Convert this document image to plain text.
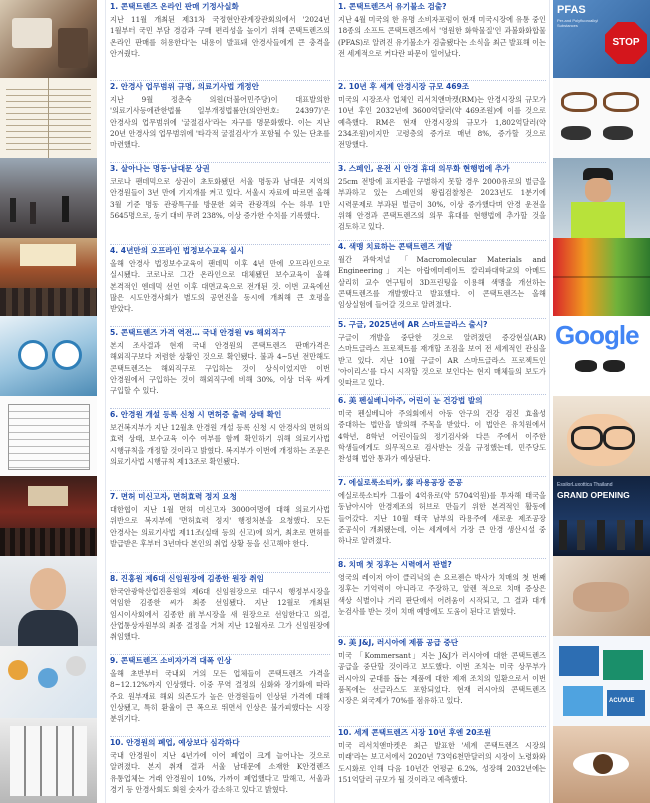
1. 콘택트렌즈 온라인 판매 기정사실화

지난 11월 개최된 제31차 국정현안관계장관회의에서 '2024년 1월부터 국민 부담 경감과 구매 편리성을 높이기 위해 콘택트렌즈의 온라인 판매를 허용한다'는 내용이 발표돼 안경사들에게 큰 충격을 안겨줬다.

2. 안경사 업무범위 규명, 의료기사법 개정안

지난 9월 정춘숙 의원(더불어민주당)이 대표발의한 '의료기사등에관한법률 일부개정법률안(의안번호: 24397)'은 안경사의 업무범위에 '굴절검사'라는 자구를 명문화했다. 이는 지난 20년 안경사의 업무범위에 '타각적 굴절검사'가 포함될 수 있는 단초를 마련했다.

3. 살아나는 명동·남대문 상권

코로나 팬데믹으로 상권이 초토화됐던 서울 명동과 남대문 지역의 안경원들이 3년 만에 기지개를 켜고 있다. 서울시 자료에 따르면 올해 3월 기준 명동 관광특구를 방문한 외국 관광객의 수는 하루 1만 5645명으로, 동기 대비 무려 238%, 이상 증가한 수치를 기록했다.

4. 4년만의 오프라인 법정보수교육 실시

올해 안경사 법정보수교육이 팬데믹 이후 4년 만에 오프라인으로 실시됐다. 코로나로 그간 온라인으로 대체됐던 보수교육이 올해 본격적인 엔데믹 선언 이후 대면교육으로 전개된 것. 이번 교육에선 많은 시도안경사회가 별도의 공연진을 동시에 개최해 큰 호평을 받았다.

5. 콘택트렌즈 가격 역전… 국내 안경원 vs 해외직구

본지 조사결과 현재 국내 안경원의 콘택트렌즈 판매가격은 해외직구보다 저렴한 상황인 것으로 확인됐다. 불과 4~5년 전만해도 콘택트렌즈는 해외직구로 구입하는 것이 상식이었지만 이번 안경원에서 구입하는 것이 해외직구에 비해 30%, 이상 더욱 싸게 구입할 수 있다.

6. 안경원 개설 등록 신청 시 면허증 출력 상태 확인

보건복지부가 지난 12월초 안경원 개설 등록 신청 시 안경사의 면허의 효력 상태, 보수교육 이수 여부를 함께 확인하기 위해 의료기사법 시행규칙을 개정할 것이라고 밝혔다. 복지부가 이번에 개정하는 조문은 의료기사법 시행규칙 제13조로 확인됐다.

7. 면허 미신고자, 면허효력 정지 요청

대한협이 지난 1월 면허 미신고자 3000여명에 대해 의료기사법 위반으로 복지부에 '면허효력 정지' 행정처분을 요청했다. 모든 안경사는 의료기사법 제11조(실태 등의 신고)에 의거, 최초로 면허를 발급받은 후부터 3년마다 본인의 취업 상황 등을 신고해야 한다.

8. 진홍원 제6대 신임원장에 김종한 원장 취임

한국안광학산업진흥원의 제6대 신임원장으로 대구시 행정부시장을 역임한 김종한 씨가 최종 선임됐다. 지난 12월로 개최된 임시이사회에서 김종한 前부시장을 새 원장으로 선임한다고 의결, 산업통상자원부의 최종 결정을 거쳐 지난 12월자로 그가 신임원장에 취임했다.

9. 콘택트렌즈 소비자가격 대폭 인상

올해 초반부터 국내외 거의 모든 업체들이 콘택트렌즈 가격을 8~12.12%까지 인상했다. 이중 무역 결정의 심화와 장기화에 따라 주요 원부재료 해외 의존도가 높은 안경원들이 인상된 가격에 대해 인상됐고, 특히 환율이 큰 폭으로 뛰면서 인상은 불가피했다는 시장 분위기다.

10. 안경원의 폐업, 예상보다 심각하다

국내 안경원이 지난 4년가에 이어 폐업이 크게 늘어나는 것으로 알려졌다. 본지 취재 결과 서울 남대문에 소재한 K안경렌즈 유통업체는 거래 안경원이 10%, 가까이 폐업했다고 말해고, 서울과 경기 등 안경사회도 회원 숫자가 감소하고 있다고 밝혔다.

1. 콘택트렌즈서 유기불소 검출?

지난 4월 미국의 한 유명 소비자포럼이 현재 미국시장에 유통 중인 18종의 소프트 콘택트렌즈에서 '영원한 화학물질'인 과불화화합물(PFAS)로 알려진 유기불소가 검출됐다는 소식을 최근 발표해 이는 전 세계적으로 커다란 파문이 일어났다.

2. 10년 후 세계 안경시장 규모 469조

미국의 시장조사 업체인 리서치앤마켓(RM)는 안경시장의 규모가 10년 후인 2032년에 3600억달러(약 469조원)에 이를 것으로 예측했다. RM은 현재 안경시장의 규모가 1,802억달러(약 234조원)이지만 고령층의 증가로 매년 8%, 증가할 것으로 전망했다.

3. 스페인, 운전 시 안경 휴대 의무화 현행법에 추가

25cm 전방에 표지판을 구별하지 못할 경우 2000유로의 벌금을 부과하고 있는 스페인의 왕립검찰청은 2023년도 1분기에 시력문제로 부과된 벌금이 30%, 이상 증가했다며 안경 운전을 위해 안경과 콘택트렌즈의 의무 휴대를 현행법에 추가할 것을 검토하고 있다.

4. 색맹 치료하는 콘택트렌즈 개발

월간 과학저널 「Macromolecular Materials and Engineering」지는 아랍에미레이트 칼리파대학교의 아메드 살리히 교수 연구팀이 3D프린팅을 이용해 색맹을 개선하는 콘택트렌즈를 개발했다고 발표했다. 이 콘택트렌즈는 올해 임상실험에 들어갈 것으로 알려졌다.

5. 구글, 2025년에 AR 스마트글라스 출시?

구글이 개발을 중단한 것으로 알려졌던 증강현실(AR) 스마트글라스 프로젝트를 재개할 조짐을 보여 전 세계적인 관심을 받고 있다. 지난 10월 구글이 AR 스마트글라스 프로젝트인 '아이리스'를 다시 시작할 것으로 보인다는 현지 매체들의 보도가 잇따르고 있다.

6. 美 펜실베니아주, 어린이 눈 건강법 발의

미국 펜실베니아 주의회에서 아동 안구의 건강 검진 효율성 증대하는 법안을 발의해 주목을 받았다. 이 법안은 유치원에서 4학년, 8학년 어린이들의 정기검사와 다른 주에서 이주한 학생들에게도 의무적으로 검사받는 것을 규정했는데, 민주당도 찬성해 법안 통과가 예상된다.

7. 에실로룩소티카, 泰 라용공장 준공

에실로룩소티카 그룹이 4억유로(약 5704억원)를 투자해 태국을 동남아시아 안경제조의 허브로 만들기 위한 본격적인 활동에 들어갔다. 지난 10월 태국 남부의 라용주에 새로운 제조공장 준공식이 개최됐는데, 이는 세계에서 가장 큰 안경 생산시설 중 하나로 알려졌다.

8. 치매 첫 징후는 시력에서 판별?

영국의 레이저 아이 클리닉의 숀 요르젠슨 박사가 치매의 첫 번째 징후는 기억력이 아니라고 주장하고, 알렌 적으로 치매 증상은 색상 식별이나 거리 판단에서 어려움이 시작되고, 그 결과 대개 눈검사를 받는 것이 치매 예방에도 도움이 된다고 밝혔다.

9. 美 J&J, 러시아에 제품 공급 중단

미국 「Kommersant」지는 J&J가 러시아에 대한 콘택트렌즈 공급을 중단할 것이라고 보도했다. 이번 조치는 미국 상무부가 러시아의 군대를 돕는 제품에 대한 제재 조치의 일환으로서 이번 품목에는 선글라스도 포함되었다. 현재 러시아의 콘택트렌즈 시장은 외국제가 70%를 점유하고 있다.

10. 세계 콘택트렌즈 시장 10년 후엔 20조원

미국 리서치앤마켓은 최근 발표한 '세계 콘택트렌즈 시장의 미래'라는 보고서에서 2020년 73억6천만달러의 시장이 노령화와 도시화로 인해 다음 10년간 연평균 6.2%, 성장해 2032년에는 151억달러 규모가 될 것이라고 예측했다.

PFAS
Per-and Polyfluoroalkyl Substances
STOP
Google
EssilorLuxottica Thailand
GRAND OPENING
ACUVUE
